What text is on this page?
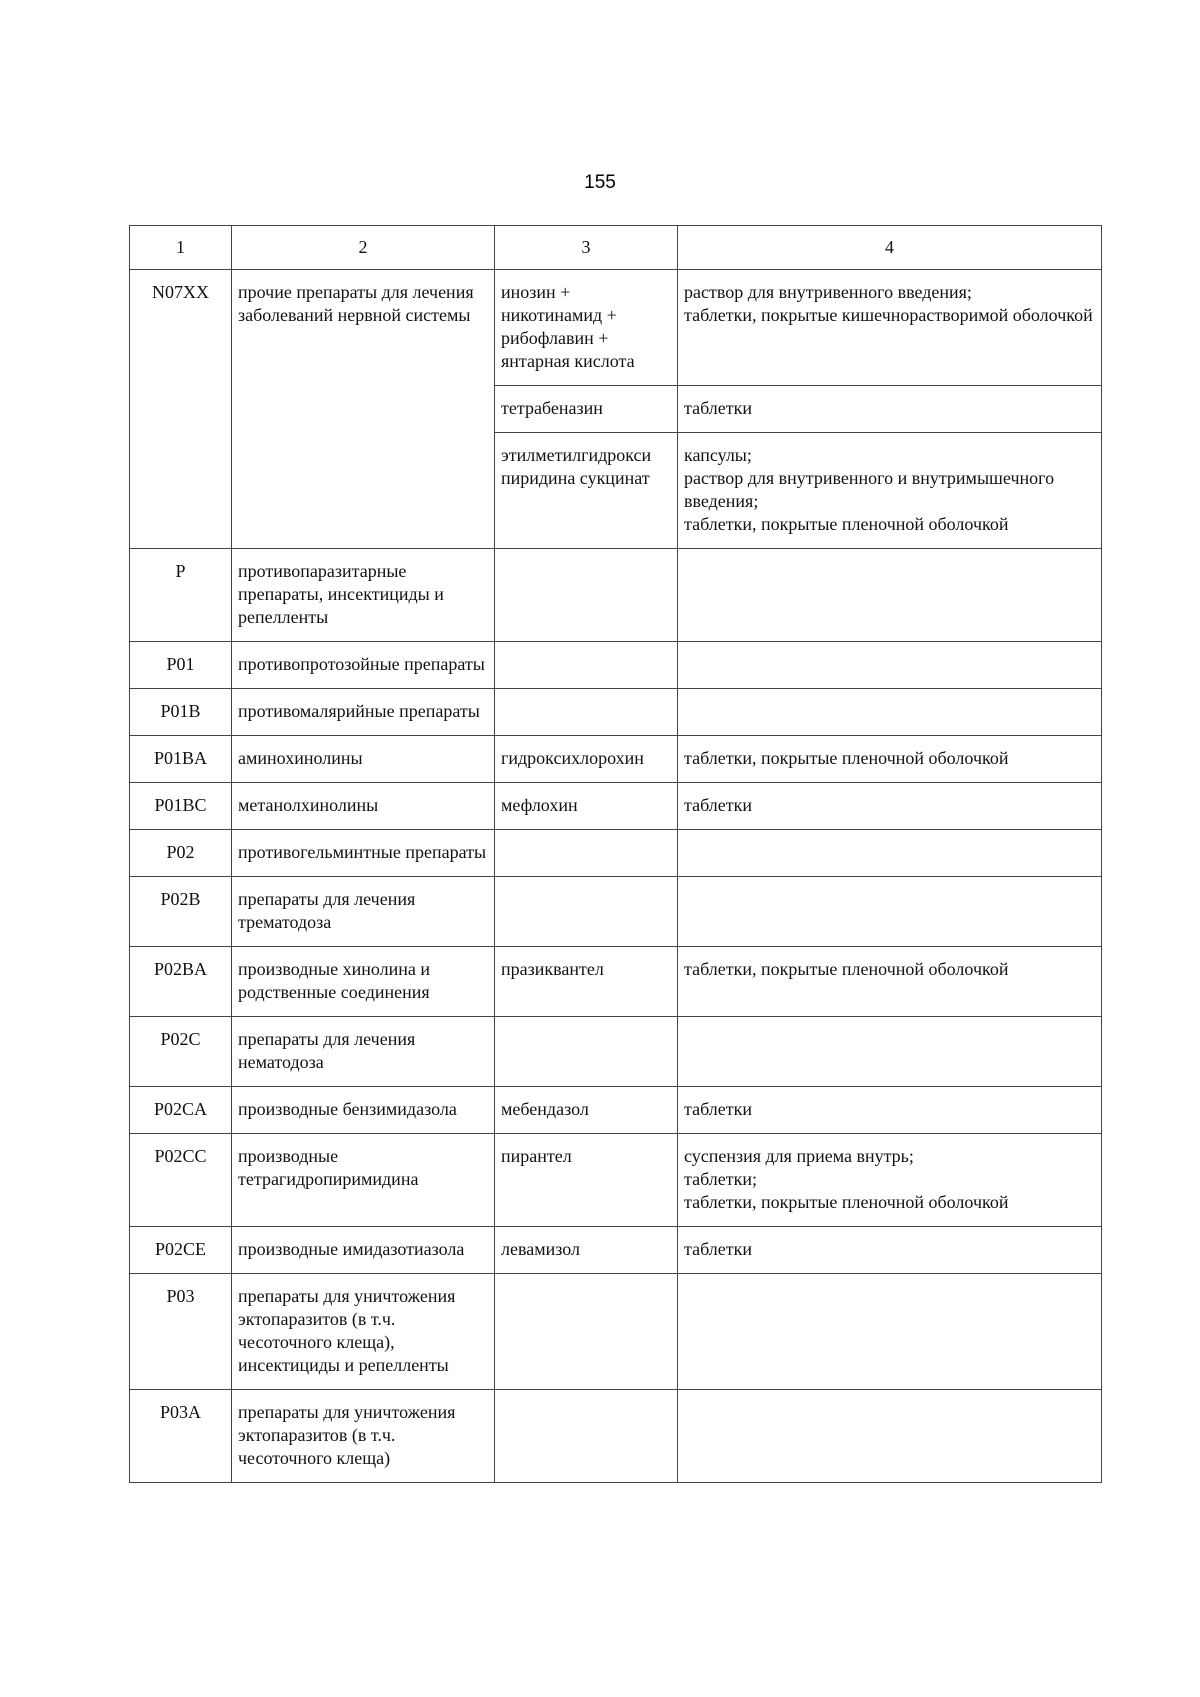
155
1	2	3	4
N07XX	прочие препараты для лечения заболеваний нервной системы	инозин +
никотинамид +
рибофлавин +
янтарная кислота	раствор для внутривенного введения;
таблетки, покрытые кишечнорастворимой оболочкой
		тетрабеназин	таблетки
		этилметилгидрокси пиридина сукцинат	капсулы;
раствор для внутривенного и внутримышечного введения;
таблетки, покрытые пленочной оболочкой
P	противопаразитарные препараты, инсектициды и репелленты		
P01	противопротозойные препараты		
P01B	противомалярийные препараты		
P01BA	аминохинолины	гидроксихлорохин	таблетки, покрытые пленочной оболочкой
P01BC	метанолхинолины	мефлохин	таблетки
P02	противогельминтные препараты		
P02B	препараты для лечения трематодоза		
P02BA	производные хинолина и родственные соединения	празиквантел	таблетки, покрытые пленочной оболочкой
P02C	препараты для лечения нематодоза		
P02CA	производные бензимидазола	мебендазол	таблетки
P02CC	производные тетрагидропиримидина	пирантел	суспензия для приема внутрь;
таблетки;
таблетки, покрытые пленочной оболочкой
P02CE	производные имидазотиазола	левамизол	таблетки
P03	препараты для уничтожения эктопаразитов (в т.ч. чесоточного клеща), инсектициды и репелленты		
P03A	препараты для уничтожения эктопаразитов (в т.ч. чесоточного клеща)		
